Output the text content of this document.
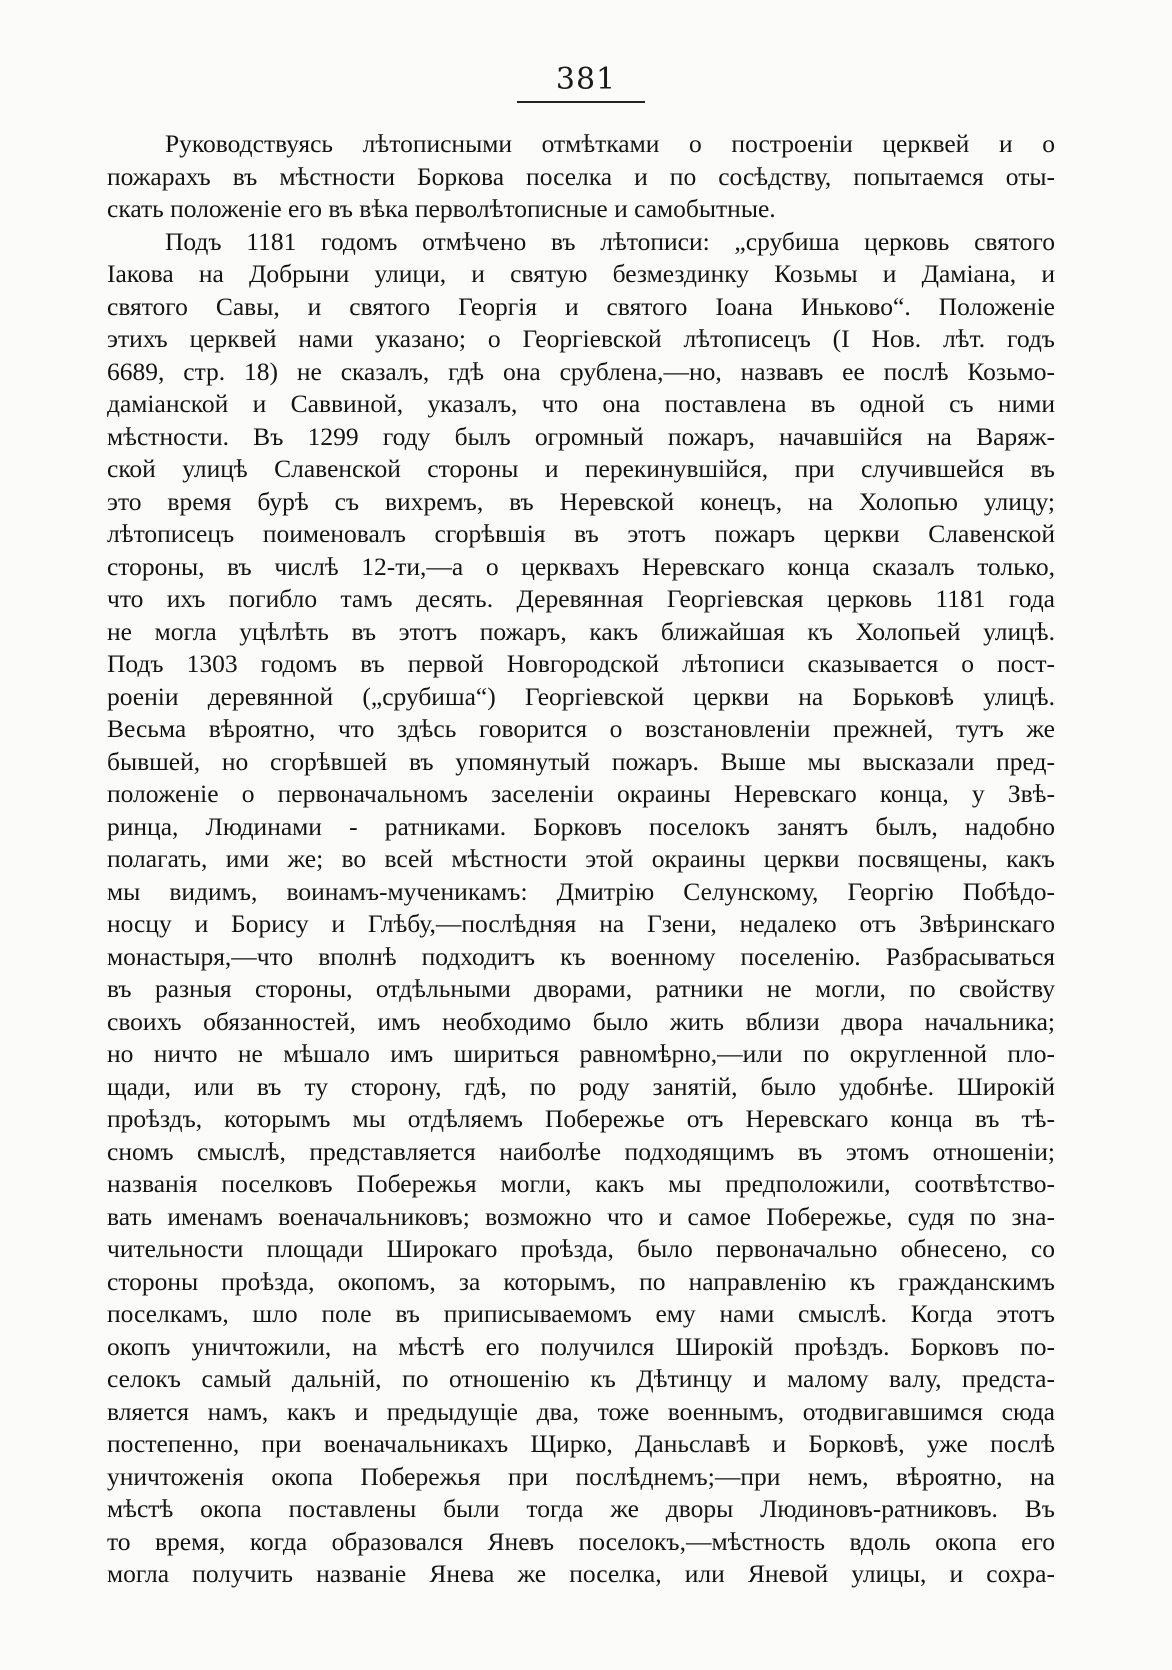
381
Руководствуясь лѣтописными отмѣтками о построеніи церквей и о
пожарахъ въ мѣстности Боркова поселка и по сосѣдству, попытаемся оты-
скать положеніе его въ вѣка перволѣтописные и самобытные.
Подъ 1181 годомъ отмѣчено въ лѣтописи: „срубиша церковь святого
Іакова на Добрыни улици, и святую безмездинку Козьмы и Даміана, и
святого Савы, и святого Георгія и святого Іоана Иньково“. Положеніе
этихъ церквей нами указано; о Георгіевской лѣтописецъ (I Нов. лѣт. годъ
6689, стр. 18) не сказалъ, гдѣ она срублена,—но, назвавъ ее послѣ Козьмо-
даміанской и Саввиной, указалъ, что она поставлена въ одной съ ними
мѣстности. Въ 1299 году былъ огромный пожаръ, начавшійся на Варяж-
ской улицѣ Славенской стороны и перекинувшійся, при случившейся въ
это время бурѣ съ вихремъ, въ Неревской конецъ, на Холопью улицу;
лѣтописецъ поименовалъ сгорѣвшія въ этотъ пожаръ церкви Славенской
стороны, въ числѣ 12-ти,—а о церквахъ Неревскаго конца сказалъ только,
что ихъ погибло тамъ десять. Деревянная Георгіевская церковь 1181 года
не могла уцѣлѣть въ этотъ пожаръ, какъ ближайшая къ Холопьей улицѣ.
Подъ 1303 годомъ въ первой Новгородской лѣтописи сказывается о пост-
роеніи деревянной („срубиша“) Георгіевской церкви на Борьковѣ улицѣ.
Весьма вѣроятно, что здѣсь говорится о возстановленіи прежней, тутъ же
бывшей, но сгорѣвшей въ упомянутый пожаръ. Выше мы высказали пред-
положеніе о первоначальномъ заселеніи окраины Неревскаго конца, у Звѣ-
ринца, Людинами - ратниками. Борковъ поселокъ занятъ былъ, надобно
полагать, ими же; во всей мѣстности этой окраины церкви посвящены, какъ
мы видимъ, воинамъ-мученикамъ: Дмитрію Селунскому, Георгію Побѣдо-
носцу и Борису и Глѣбу,—послѣдняя на Гзени, недалеко отъ Звѣринскаго
монастыря,—что вполнѣ подходитъ къ военному поселенію. Разбрасываться
въ разныя стороны, отдѣльными дворами, ратники не могли, по свойству
своихъ обязанностей, имъ необходимо было жить вблизи двора начальника;
но ничто не мѣшало имъ шириться равномѣрно,—или по округленной пло-
щади, или въ ту сторону, гдѣ, по роду занятій, было удобнѣе. Широкій
проѣздъ, которымъ мы отдѣляемъ Побережье отъ Неревскаго конца въ тѣ-
сномъ смыслѣ, представляется наиболѣе подходящимъ въ этомъ отношеніи;
названія поселковъ Побережья могли, какъ мы предположили, соотвѣтство-
вать именамъ военачальниковъ; возможно что и самое Побережье, судя по зна-
чительности площади Широкаго проѣзда, было первоначально обнесено, со
стороны проѣзда, окопомъ, за которымъ, по направленію къ гражданскимъ
поселкамъ, шло поле въ приписываемомъ ему нами смыслѣ. Когда этотъ
окопъ уничтожили, на мѣстѣ его получился Широкій проѣздъ. Борковъ по-
селокъ самый дальній, по отношенію къ Дѣтинцу и малому валу, предста-
вляется намъ, какъ и предыдущіе два, тоже военнымъ, отодвигавшимся сюда
постепенно, при военачальникахъ Щирко, Даньславѣ и Борковѣ, уже послѣ
уничтоженія окопа Побережья при послѣднемъ;—при немъ, вѣроятно, на
мѣстѣ окопа поставлены были тогда же дворы Людиновъ-ратниковъ. Въ
то время, когда образовался Яневъ поселокъ,—мѣстность вдоль окопа его
могла получить названіе Янева же поселка, или Яневой улицы, и сохра-
